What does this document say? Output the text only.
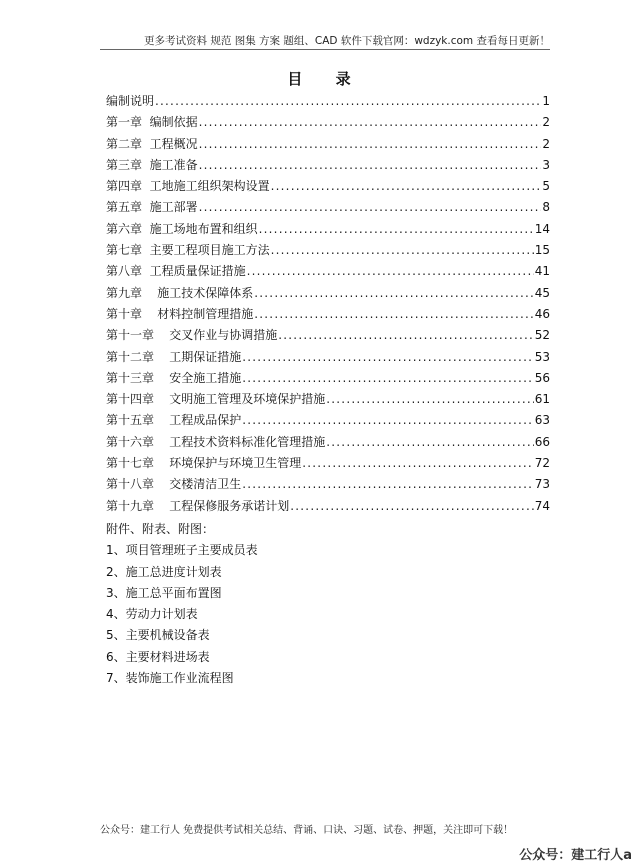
更多考试资料 规范 图集 方案 题组、CAD 软件下载官网：wdzyk.com 查看每日更新！
目 录
编制说明 .....	1
第一章  编制依据 .....	2
第二章  工程概况 .....	2
第三章  施工准备 .....	3
第四章  工地施工组织架构设置 .....	5
第五章  施工部署 .....	8
第六章  施工场地布置和组织 .....	14
第七章  主要工程项目施工方法 .....	15
第八章  工程质量保证措施 .....	41
第九章    施工技术保障体系 .....	45
第十章    材料控制管理措施 .....	46
第十一章    交叉作业与协调措施 .....	52
第十二章    工期保证措施 .....	53
第十三章    安全施工措施 .....	56
第十四章    文明施工管理及环境保护措施 .....	61
第十五章    工程成品保护 .....	63
第十六章    工程技术资料标准化管理措施 .....	66
第十七章    环境保护与环境卫生管理 .....	72
第十八章    交楼清洁卫生 .....	73
第十九章    工程保修服务承诺计划 .....	74
附件、附表、附图：
1、项目管理班子主要成员表
2、施工总进度计划表
3、施工总平面布置图
4、劳动力计划表
5、主要机械设备表
6、主要材料进场表
7、装饰施工作业流程图
公众号：建工行人 免费提供考试相关总结、背诵、口诀、习题、试卷、押题，关注即可下载！
公众号：建工行人a
